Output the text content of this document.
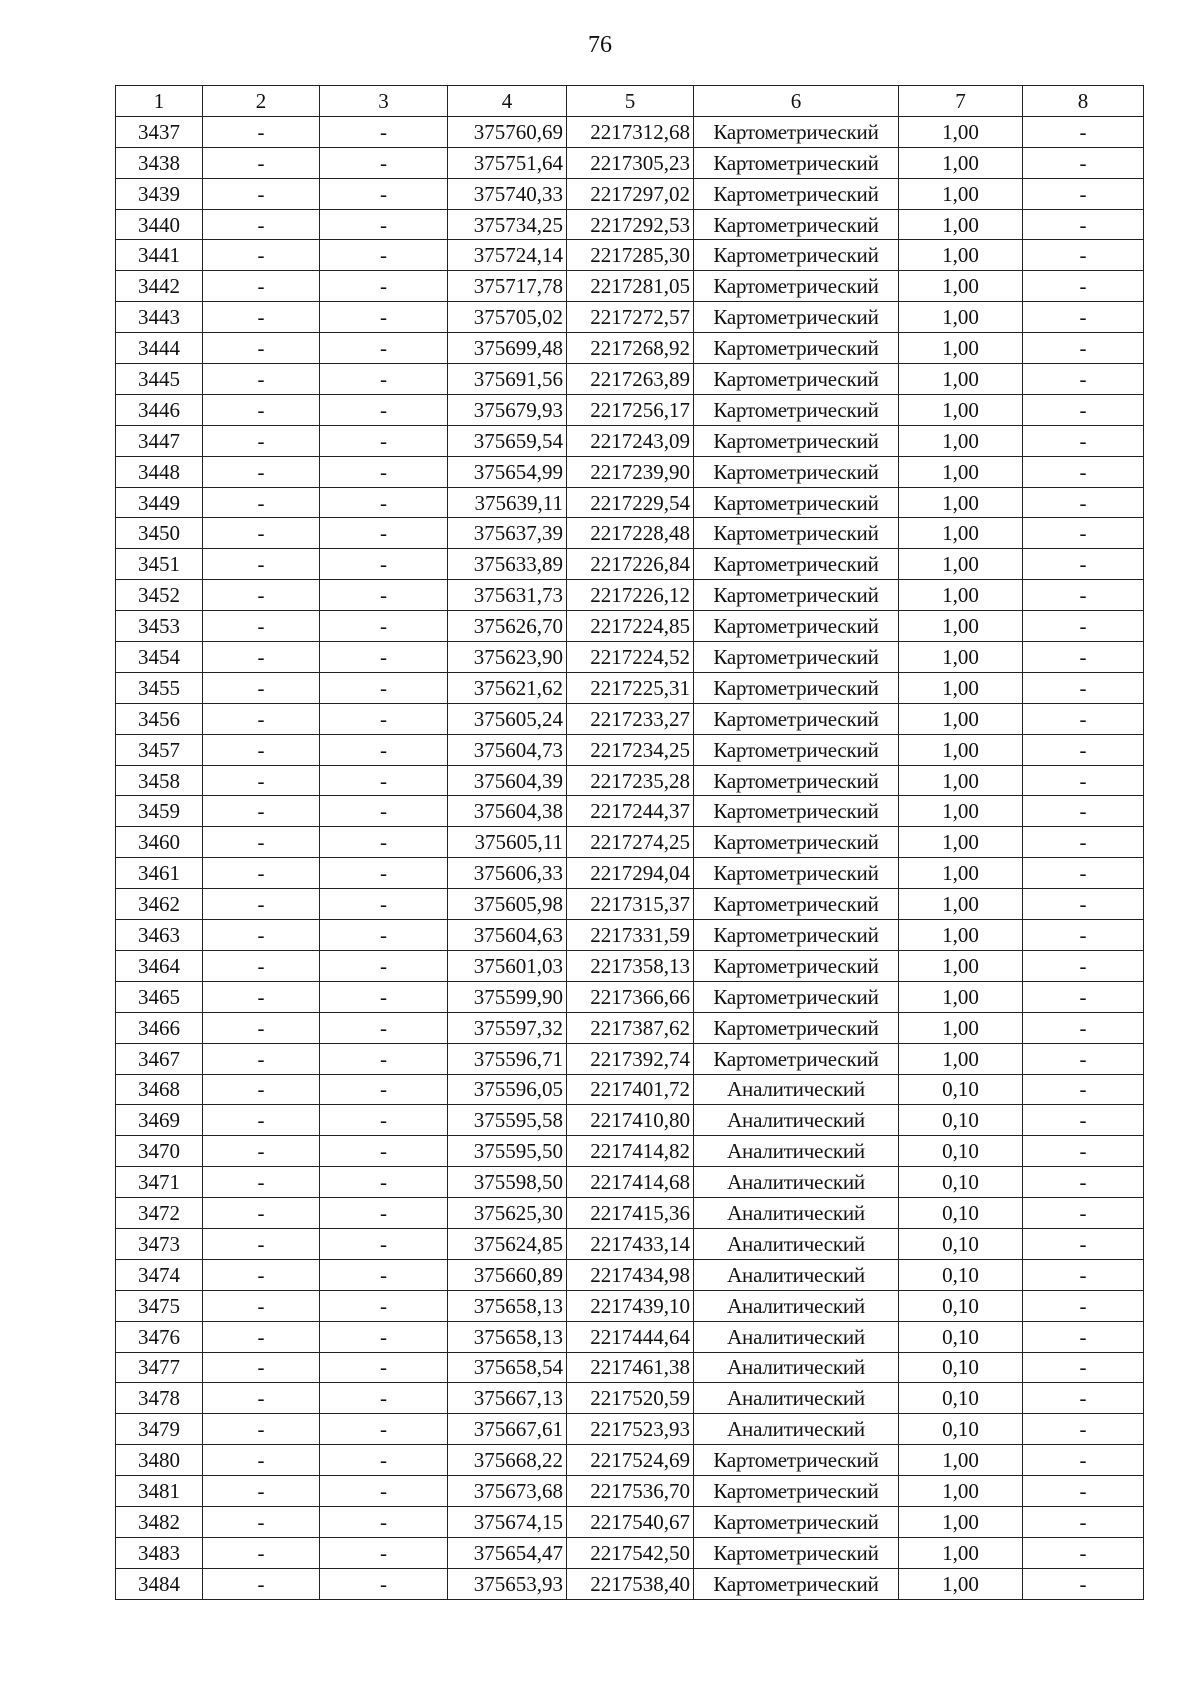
76
1	2	3	4	5	6	7	8
3437	-	-	375760,69	2217312,68	Картометрический	1,00	-
3438	-	-	375751,64	2217305,23	Картометрический	1,00	-
3439	-	-	375740,33	2217297,02	Картометрический	1,00	-
3440	-	-	375734,25	2217292,53	Картометрический	1,00	-
3441	-	-	375724,14	2217285,30	Картометрический	1,00	-
3442	-	-	375717,78	2217281,05	Картометрический	1,00	-
3443	-	-	375705,02	2217272,57	Картометрический	1,00	-
3444	-	-	375699,48	2217268,92	Картометрический	1,00	-
3445	-	-	375691,56	2217263,89	Картометрический	1,00	-
3446	-	-	375679,93	2217256,17	Картометрический	1,00	-
3447	-	-	375659,54	2217243,09	Картометрический	1,00	-
3448	-	-	375654,99	2217239,90	Картометрический	1,00	-
3449	-	-	375639,11	2217229,54	Картометрический	1,00	-
3450	-	-	375637,39	2217228,48	Картометрический	1,00	-
3451	-	-	375633,89	2217226,84	Картометрический	1,00	-
3452	-	-	375631,73	2217226,12	Картометрический	1,00	-
3453	-	-	375626,70	2217224,85	Картометрический	1,00	-
3454	-	-	375623,90	2217224,52	Картометрический	1,00	-
3455	-	-	375621,62	2217225,31	Картометрический	1,00	-
3456	-	-	375605,24	2217233,27	Картометрический	1,00	-
3457	-	-	375604,73	2217234,25	Картометрический	1,00	-
3458	-	-	375604,39	2217235,28	Картометрический	1,00	-
3459	-	-	375604,38	2217244,37	Картометрический	1,00	-
3460	-	-	375605,11	2217274,25	Картометрический	1,00	-
3461	-	-	375606,33	2217294,04	Картометрический	1,00	-
3462	-	-	375605,98	2217315,37	Картометрический	1,00	-
3463	-	-	375604,63	2217331,59	Картометрический	1,00	-
3464	-	-	375601,03	2217358,13	Картометрический	1,00	-
3465	-	-	375599,90	2217366,66	Картометрический	1,00	-
3466	-	-	375597,32	2217387,62	Картометрический	1,00	-
3467	-	-	375596,71	2217392,74	Картометрический	1,00	-
3468	-	-	375596,05	2217401,72	Аналитический	0,10	-
3469	-	-	375595,58	2217410,80	Аналитический	0,10	-
3470	-	-	375595,50	2217414,82	Аналитический	0,10	-
3471	-	-	375598,50	2217414,68	Аналитический	0,10	-
3472	-	-	375625,30	2217415,36	Аналитический	0,10	-
3473	-	-	375624,85	2217433,14	Аналитический	0,10	-
3474	-	-	375660,89	2217434,98	Аналитический	0,10	-
3475	-	-	375658,13	2217439,10	Аналитический	0,10	-
3476	-	-	375658,13	2217444,64	Аналитический	0,10	-
3477	-	-	375658,54	2217461,38	Аналитический	0,10	-
3478	-	-	375667,13	2217520,59	Аналитический	0,10	-
3479	-	-	375667,61	2217523,93	Аналитический	0,10	-
3480	-	-	375668,22	2217524,69	Картометрический	1,00	-
3481	-	-	375673,68	2217536,70	Картометрический	1,00	-
3482	-	-	375674,15	2217540,67	Картометрический	1,00	-
3483	-	-	375654,47	2217542,50	Картометрический	1,00	-
3484	-	-	375653,93	2217538,40	Картометрический	1,00	-
